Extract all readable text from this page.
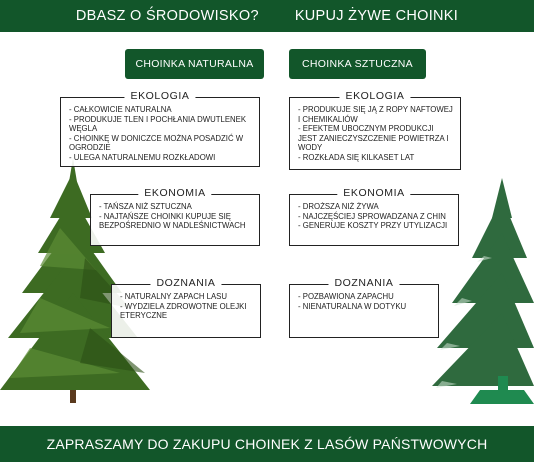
DBASZ O ŚRODOWISKO? KUPUJ ŻYWE CHOINKI
CHOINKA NATURALNA	CHOINKA SZTUCZNA
EKOLOGIA
- CAŁKOWICIE NATURALNA
- PRODUKUJE TLEN I POCHŁANIA DWUTLENEK WĘGLA
- CHOINKĘ W DONICZCE MOŻNA POSADZIĆ W OGRODZIE
- ULEGA NATURALNEMU ROZKŁADOWI
EKOLOGIA
- PRODUKUJE SIĘ JĄ Z ROPY NAFTOWEJ I CHEMIKALIÓW
- EFEKTEM UBOCZNYM PRODUKCJI JEST ZANIECZYSZCZENIE POWIETRZA I WODY
- ROZKŁADA SIĘ KILKASET LAT
EKONOMIA
- TAŃSZA NIŻ SZTUCZNA
- NAJTAŃSZE CHOINKI KUPUJE SIĘ BEZPOŚREDNIO W NADLEŚNICTWACH
EKONOMIA
- DROŻSZA NIŻ ŻYWA
- NAJCZĘŚCIEJ SPROWADZANA Z CHIN
- GENERUJE KOSZTY PRZY UTYLIZACJI
DOZNANIA
- NATURALNY ZAPACH LASU
- WYDZIELA ZDROWOTNE OLEJKI ETERYCZNE
DOZNANIA
- POZBAWIONA ZAPACHU
- NIENATURALNA W DOTYKU
ZAPRASZAMY DO ZAKUPU CHOINEK Z LASÓW PAŃSTWOWYCH
